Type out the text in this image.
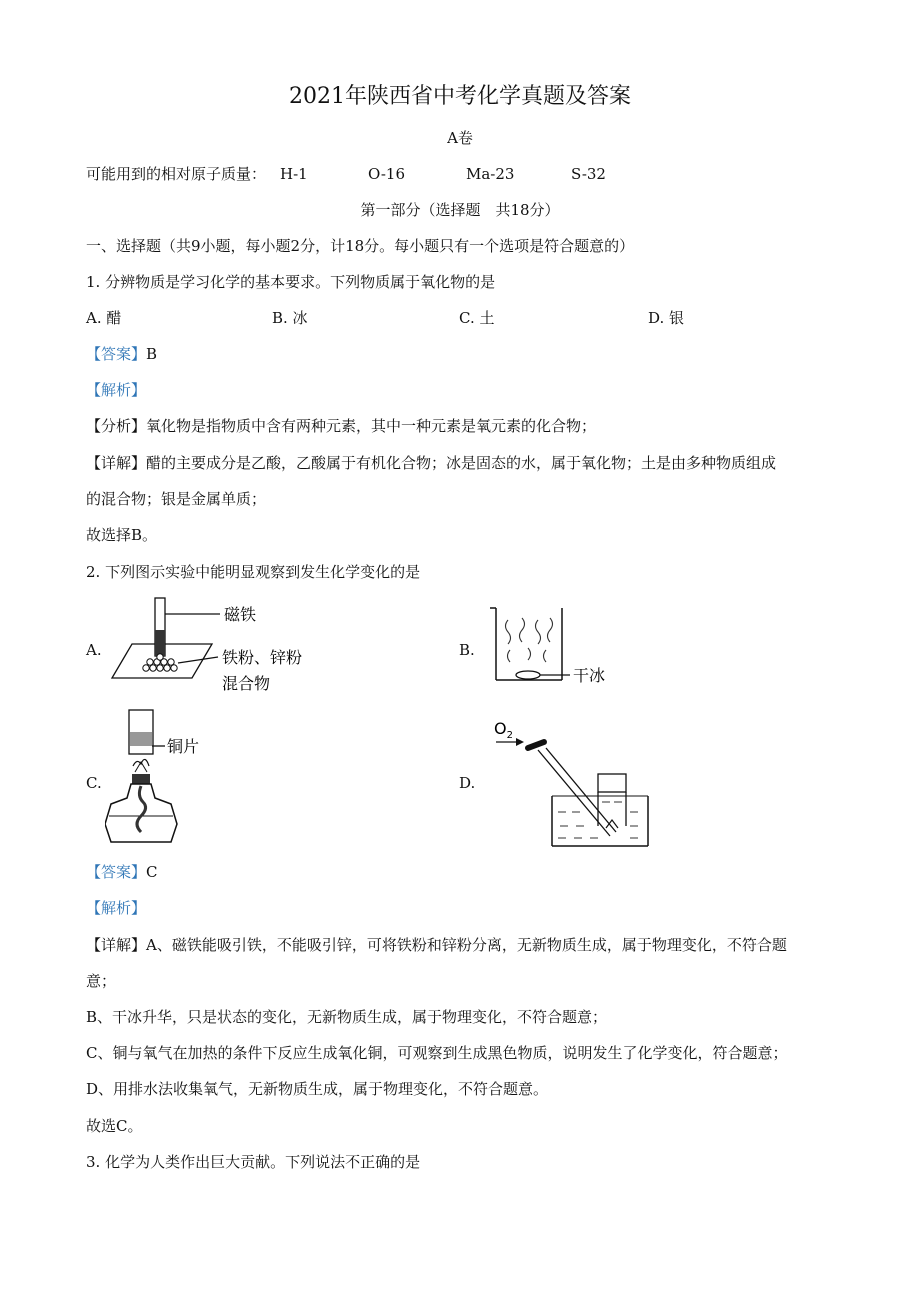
2021年陕西省中考化学真题及答案
A卷
可能用到的相对原子质量： H-1	O-16	Ma-23	S-32
第一部分（选择题　共18分）
一、选择题（共9小题，每小题2分，计18分。每小题只有一个选项是符合题意的）
1. 分辨物质是学习化学的基本要求。下列物质属于氧化物的是
A. 醋	B. 冰	C. 土	D. 银
【答案】B
【解析】
【分析】氧化物是指物质中含有两种元素，其中一种元素是氧元素的化合物；
【详解】醋的主要成分是乙酸，乙酸属于有机化合物；冰是固态的水，属于氧化物；土是由多种物质组成
的混合物；银是金属单质；
故选择B。
2. 下列图示实验中能明显观察到发生化学变化的是
A.	B.
C.	D.
磁铁
铁粉、锌粉
混合物	干冰
铜片
$O_2$
【答案】C
【解析】
【详解】A、磁铁能吸引铁，不能吸引锌，可将铁粉和锌粉分离，无新物质生成，属于物理变化，不符合题
意；
B、干冰升华，只是状态的变化，无新物质生成，属于物理变化，不符合题意；
C、铜与氧气在加热的条件下反应生成氧化铜，可观察到生成黑色物质，说明发生了化学变化，符合题意；
D、用排水法收集氧气，无新物质生成，属于物理变化，不符合题意。
故选C。
3. 化学为人类作出巨大贡献。下列说法不正确的是
